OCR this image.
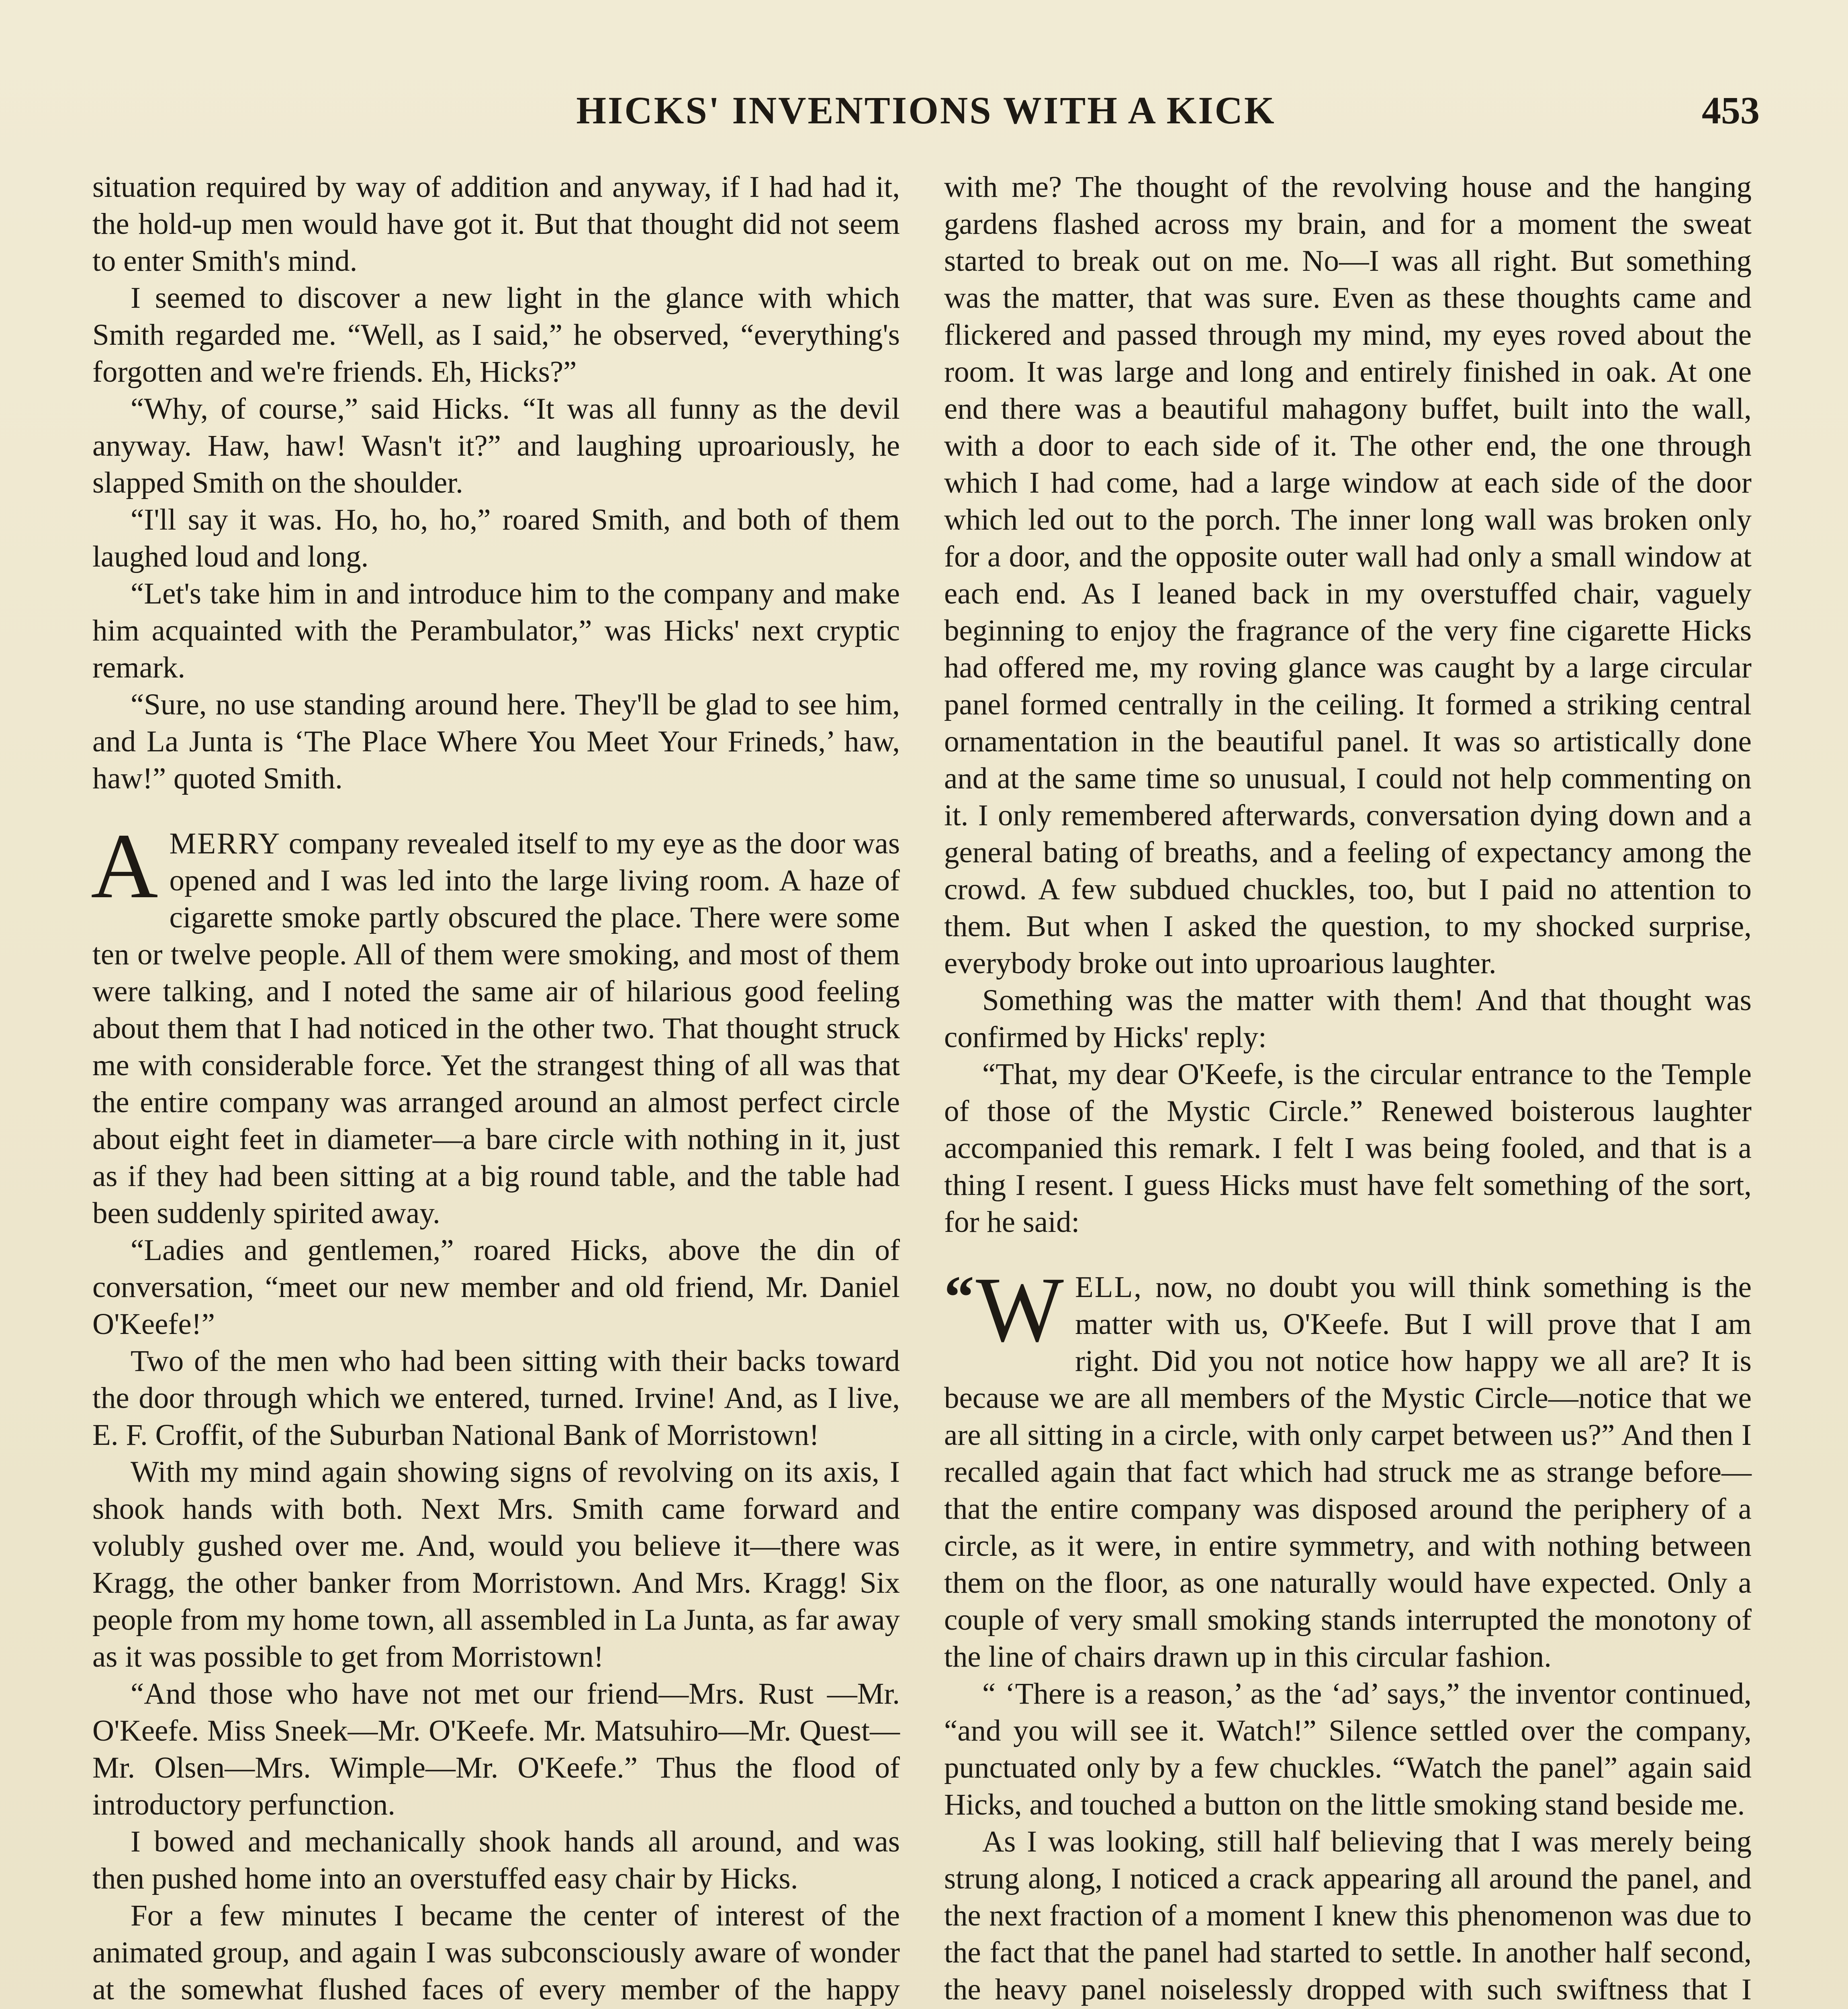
HICKS' INVENTIONS WITH A KICK	453

situation required by way of addition and anyway, if I had had it, the hold-up men would have got it. But that thought did not seem to enter Smith's mind.

I seemed to discover a new light in the glance with which Smith regarded me. “Well, as I said,” he observed, “everything's forgotten and we're friends. Eh, Hicks?”

“Why, of course,” said Hicks. “It was all funny as the devil anyway. Haw, haw! Wasn't it?” and laughing uproariously, he slapped Smith on the shoulder.

“I'll say it was. Ho, ho, ho,” roared Smith, and both of them laughed loud and long.

“Let's take him in and introduce him to the company and make him acquainted with the Perambulator,” was Hicks' next cryptic remark.

“Sure, no use standing around here. They'll be glad to see him, and La Junta is ‘The Place Where You Meet Your Frineds,’ haw, haw!” quoted Smith.

AMERRY company revealed itself to my eye as the door was opened and I was led into the large living room. A haze of cigarette smoke partly obscured the place. There were some ten or twelve people. All of them were smoking, and most of them were talking, and I noted the same air of hilarious good feeling about them that I had noticed in the other two. That thought struck me with considerable force. Yet the strangest thing of all was that the entire company was arranged around an almost perfect circle about eight feet in diameter—a bare circle with nothing in it, just as if they had been sitting at a big round table, and the table had been suddenly spirited away.

“Ladies and gentlemen,” roared Hicks, above the din of conversation, “meet our new member and old friend, Mr. Daniel O'Keefe!”

Two of the men who had been sitting with their backs toward the door through which we entered, turned. Irvine! And, as I live, E. F. Croffit, of the Suburban National Bank of Morristown!

With my mind again showing signs of revolving on its axis, I shook hands with both. Next Mrs. Smith came forward and volubly gushed over me. And, would you believe it—there was Kragg, the other banker from Morristown. And Mrs. Kragg! Six people from my home town, all assembled in La Junta, as far away as it was possible to get from Morristown!

“And those who have not met our friend—Mrs. Rust —Mr. O'Keefe. Miss Sneek—Mr. O'Keefe. Mr. Matsuhiro—Mr. Quest—Mr. Olsen—Mrs. Wimple—Mr. O'Keefe.” Thus the flood of introductory perfunction.

I bowed and mechanically shook hands all around, and was then pushed home into an overstuffed easy chair by Hicks.

For a few minutes I became the center of interest of the animated group, and again I was subconsciously aware of wonder at the somewhat flushed faces of every member of the happy

with me? The thought of the revolving house and the hanging gardens flashed across my brain, and for a moment the sweat started to break out on me. No—I was all right. But something was the matter, that was sure. Even as these thoughts came and flickered and passed through my mind, my eyes roved about the room. It was large and long and entirely finished in oak. At one end there was a beautiful mahagony buffet, built into the wall, with a door to each side of it. The other end, the one through which I had come, had a large window at each side of the door which led out to the porch. The inner long wall was broken only for a door, and the opposite outer wall had only a small window at each end. As I leaned back in my overstuffed chair, vaguely beginning to enjoy the fragrance of the very fine cigarette Hicks had offered me, my roving glance was caught by a large circular panel formed centrally in the ceiling. It formed a striking central ornamentation in the beautiful panel. It was so artistically done and at the same time so unusual, I could not help commenting on it. I only remembered afterwards, conversation dying down and a general bating of breaths, and a feeling of expectancy among the crowd. A few subdued chuckles, too, but I paid no attention to them. But when I asked the question, to my shocked surprise, everybody broke out into uproarious laughter.

Something was the matter with them! And that thought was confirmed by Hicks' reply:

“That, my dear O'Keefe, is the circular entrance to the Temple of those of the Mystic Circle.” Renewed boisterous laughter accompanied this remark. I felt I was being fooled, and that is a thing I resent. I guess Hicks must have felt something of the sort, for he said:

“ W ELL, now, no doubt you will think something is the matter with us, O'Keefe. But I will prove that I am right. Did you not notice how happy we all are? It is because we are all members of the Mystic Circle—notice that we are all sitting in a circle, with only carpet between us?” And then I recalled again that fact which had struck me as strange before—that the entire company was disposed around the periphery of a circle, as it were, in entire symmetry, and with nothing between them on the floor, as one naturally would have expected. Only a couple of very small smoking stands interrupted the monotony of the line of chairs drawn up in this circular fashion.

“ ‘There is a reason,’ as the ‘ad’ says,” the inventor continued, “and you will see it. Watch!” Silence settled over the company, punctuated only by a few chuckles. “Watch the panel” again said Hicks, and touched a button on the little smoking stand beside me.

As I was looking, still half believing that I was merely being strung along, I noticed a crack appearing all around the panel, and the next fraction of a moment I knew this phenomenon was due to the fact that the panel had started to settle. In another half second, the heavy panel noiselessly dropped with such swiftness that I
